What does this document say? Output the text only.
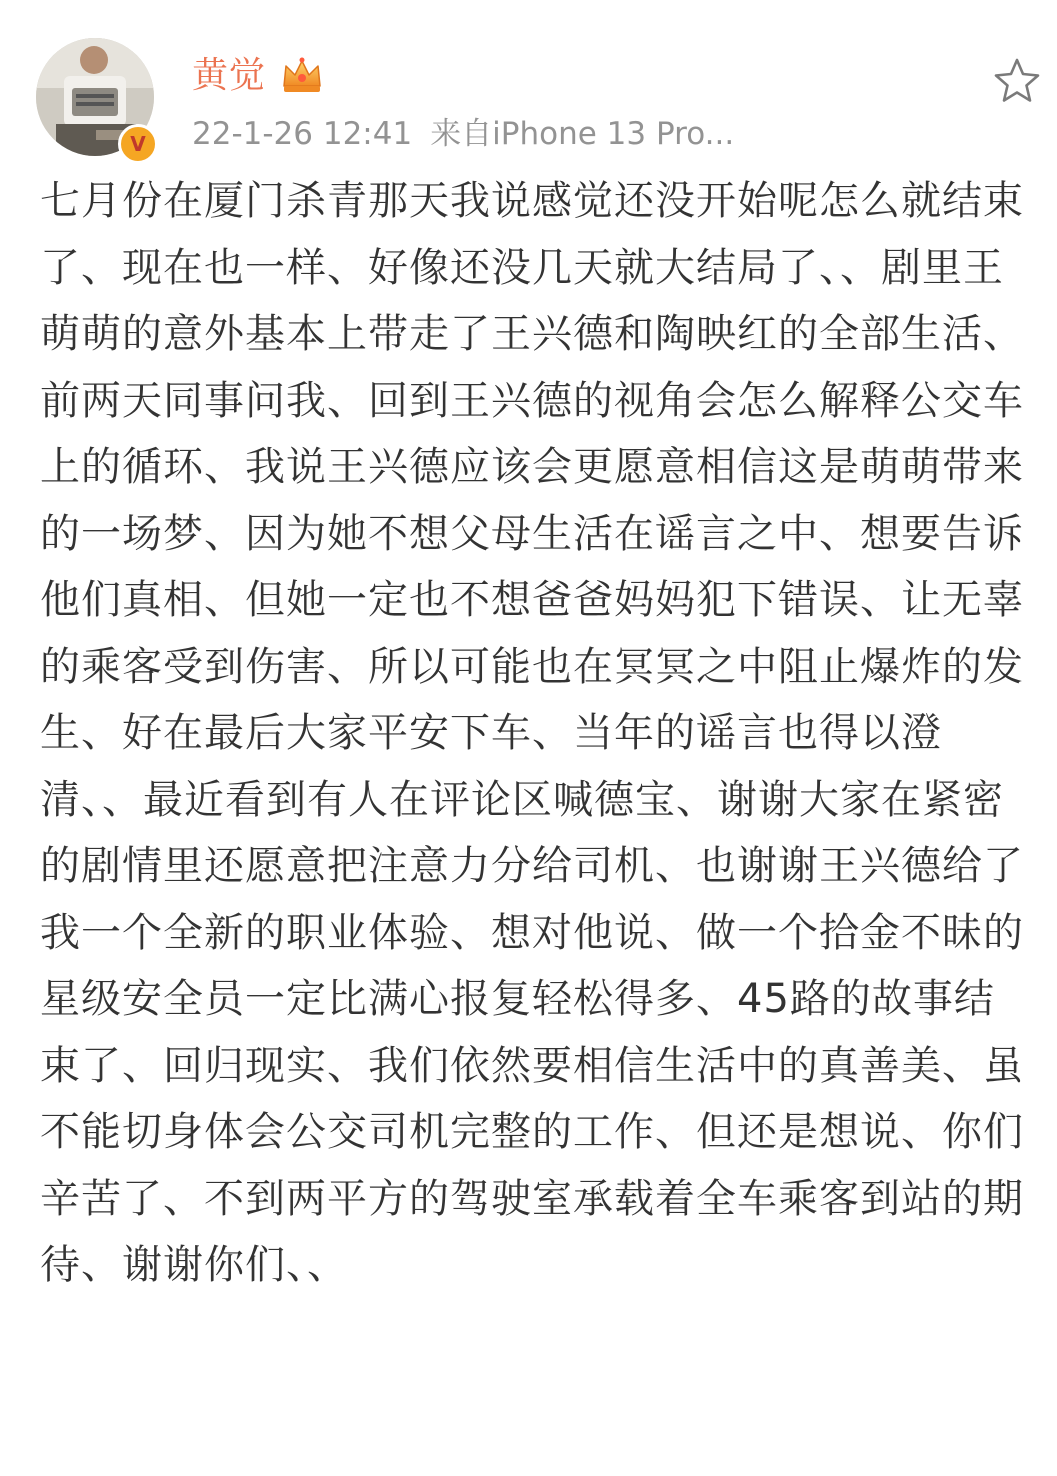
V
黄觉
22-1-26 12:41 来自iPhone 13 Pro...
七月份在厦门杀青那天我说感觉还没开始呢怎么就结束了、现在也一样、好像还没几天就大结局了、、剧里王萌萌的意外基本上带走了王兴德和陶映红的全部生活、前两天同事问我、回到王兴德的视角会怎么解释公交车上的循环、我说王兴德应该会更愿意相信这是萌萌带来的一场梦、因为她不想父母生活在谣言之中、想要告诉他们真相、但她一定也不想爸爸妈妈犯下错误、让无辜的乘客受到伤害、所以可能也在冥冥之中阻止爆炸的发生、好在最后大家平安下车、当年的谣言也得以澄清、、最近看到有人在评论区喊德宝、谢谢大家在紧密的剧情里还愿意把注意力分给司机、也谢谢王兴德给了我一个全新的职业体验、想对他说、做一个拾金不昧的星级安全员一定比满心报复轻松得多、45路的故事结束了、回归现实、我们依然要相信生活中的真善美、虽不能切身体会公交司机完整的工作、但还是想说、你们辛苦了、不到两平方的驾驶室承载着全车乘客到站的期待、谢谢你们、、
